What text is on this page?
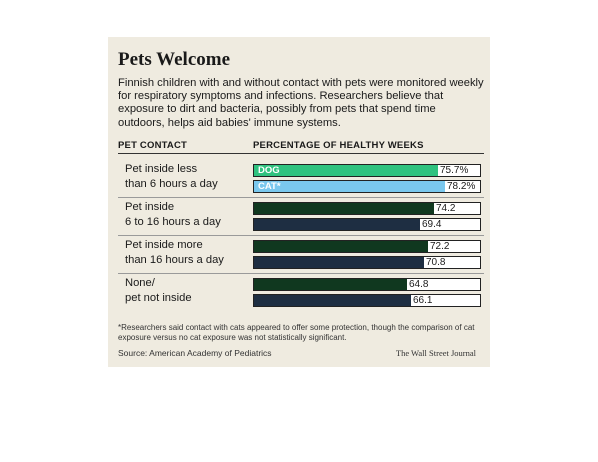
Pets Welcome
Finnish children with and without contact with pets were monitored weekly for respiratory symptoms and infections. Researchers believe that exposure to dirt and bacteria, possibly from pets that spend time outdoors, helps aid babies' immune systems.
PET CONTACT	PERCENTAGE OF HEALTHY WEEKS
Pet inside less
than 6 hours a day
75.7%
DOG
78.2%
CAT*
Pet inside
6 to 16 hours a day
74.2
69.4
Pet inside more
than 16 hours a day
72.2
70.8
None/
pet not inside
64.8
66.1
*Researchers said contact with cats appeared to offer some protection, though the comparison of cat exposure versus no cat exposure was not statistically significant.
Source: American Academy of Pediatrics	The Wall Street Journal
